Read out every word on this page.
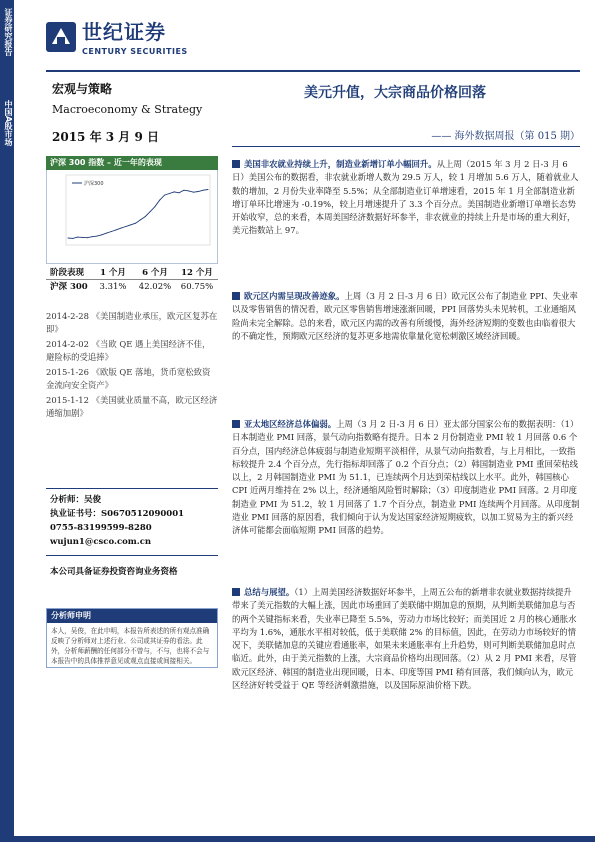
证券研究报告
中国A股市场
世纪证券
CENTURY SECURITIES
宏观与策略
Macroeconomy & Strategy
2015 年 3 月 9 日
美元升值，大宗商品价格回落
—— 海外数据周报（第 015 期）
沪深 300 指数 – 近一年的表现
沪深300
阶段表现	1 个月	6 个月	12 个月
沪深 300	3.31%	42.02%	60.75%
2014-2-28 《美国制造业承压，欧元区复苏在即》
2014-2-02 《当欧 QE 遇上美国经济不佳，避险标的受追捧》
2015-1-26 《欧版 QE 落地，货币宽松致资金流向安全资产》
2015-1-12 《美国就业质量不高，欧元区经济通缩加剧》
分析师：吴俊
执业证书号：S0670512090001
0755-83199599-8280
wujun1@csco.com.cn
本公司具备证券投资咨询业务资格
分析师申明
本人，吴俊，在此申明，本报告所表述的所有观点准确反映了分析师对上述行业、公司或其证券的看法。此外，分析师薪酬的任何部分不曾与，不与，也将不会与本报告中的具体推荐意见或观点直接或间接相关。
美国非农就业持续上升，制造业新增订单小幅回升。从上周（2015 年 3 月 2 日-3 月 6 日）美国公布的数据看，非农就业新增人数为 29.5 万人，较 1 月增加 5.6 万人，随着就业人数的增加，2 月份失业率降至 5.5%；从全部制造业订单增速看，2015 年 1 月全部制造业新增订单环比增速为 -0.19%，较上月增速提升了 3.3 个百分点。美国制造业新增订单增长态势开始收窄，总的来看，本周美国经济数据好坏参半，非农就业的持续上升是市场的重大利好，美元指数站上 97。
欧元区内需呈现改善迹象。上周（3 月 2 日-3 月 6 日）欧元区公布了制造业 PPI、失业率以及零售销售的情况看，欧元区零售销售增速涨渐回暖，PPI 回落势头未见转机，工业通缩风险尚未完全解除。总的来看，欧元区内需的改善有所缓慢，海外经济短期的变数也由临着很大的不确定性，预期欧元区经济的复苏更多地需依靠量化宽松刺激区域经济回暖。
亚太地区经济总体偏弱。上周（3 月 2 日-3 月 6 日）亚太部分国家公布的数据表明：（1）日本制造业 PMI 回落，景气动向指数略有提升。日本 2 月份制造业 PMI 较 1 月回落 0.6 个百分点，国内经济总体疲弱与制造业短期平淡相伴，从景气动向指数看，与上月相比，一致指标较提升 2.4 个百分点，先行指标却回落了 0.2 个百分点；（2）韩国制造业 PMI 重回荣枯线以上，2 月韩国制造业 PMI 为 51.1，已连续两个月达到荣枯线以上水平。此外，韩国核心 CPI 近两月维持在 2% 以上，经济通缩风险暂时解除；（3）印度制造业 PMI 回落。2 月印度制造业 PMI 为 51.2，较 1 月回落了 1.7 个百分点，制造业 PMI 连续两个月回落。从印度制造业 PMI 回落的原因看，我们倾向于认为发达国家经济短期疲软，以加工贸易为主的新兴经济体可能都会面临短期 PMI 回落的趋势。
总结与展望。（1）上周美国经济数据好坏参半，上周五公布的新增非农就业数据持续提升带来了美元指数的大幅上涨，因此市场重回了美联储中期加息的预期，从判断美联储加息与否的两个关键指标来看，失业率已降至 5.5%，劳动力市场比较好；而美国近 2 月的核心通胀水平均为 1.6%，通胀水平相对较低，低于美联储 2% 的目标值，因此，在劳动力市场较好的情况下，美联储加息的关键应看通胀率，如果未来通胀率有上升趋势，则可判断美联储加息时点临近。此外，由于美元指数的上涨，大宗商品价格均出现回落。（2）从 2 月 PMI 来看，尽管欧元区经济、韩国的制造业出现回暖，日本、印度等国 PMI 稍有回落，我们倾向认为，欧元区经济好转受益于 QE 等经济刺激措施，以及国际原油价格下跌。
